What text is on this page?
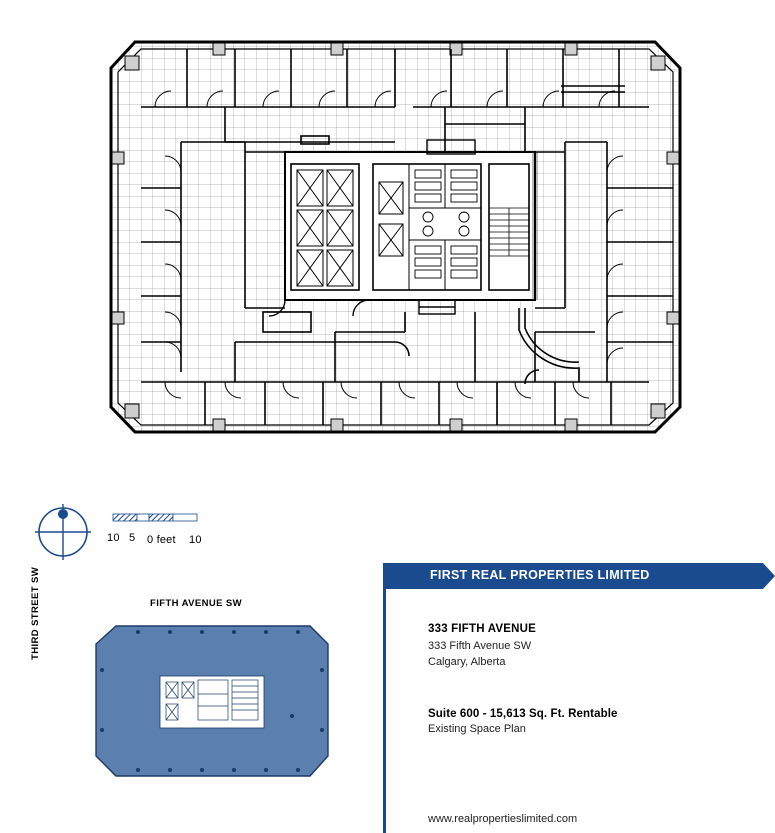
10 5 0 feet 10
FIFTH AVENUE SW
THIRD STREET SW	FIRST REAL PROPERTIES LIMITED
333 FIFTH AVENUE
333 Fifth Avenue SW
Calgary, Alberta
Suite 600 - 15,613 Sq. Ft. Rentable
Existing Space Plan
www.realpropertieslimited.com
